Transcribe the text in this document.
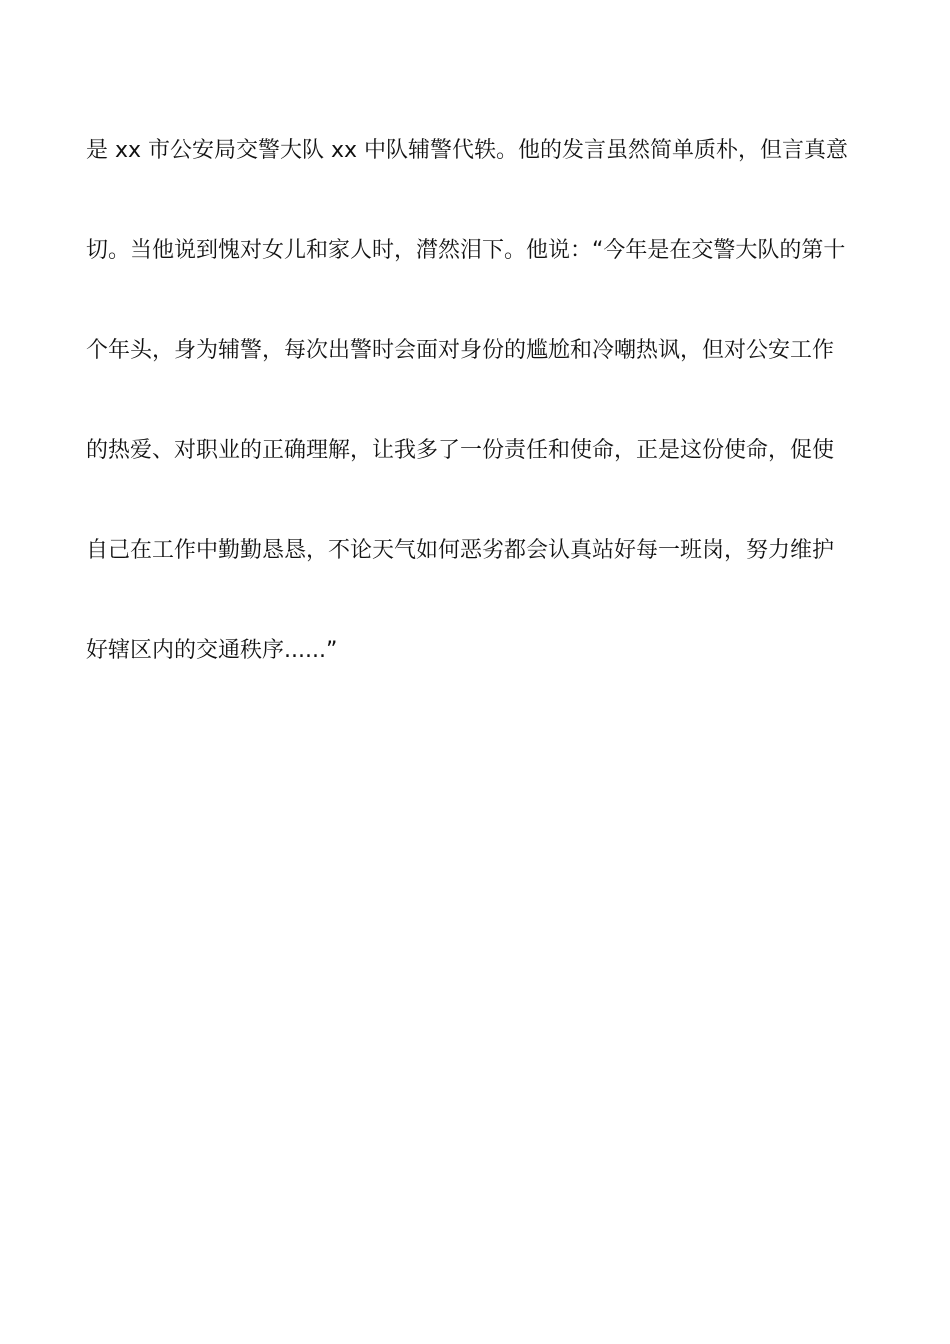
是 xx 市公安局交警大队 xx 中队辅警代轶。他的发言虽然简单质朴，但言真意
切。当他说到愧对女儿和家人时，潸然泪下。他说：“今年是在交警大队的第十
个年头，身为辅警，每次出警时会面对身份的尴尬和冷嘲热讽，但对公安工作
的热爱、对职业的正确理解，让我多了一份责任和使命，正是这份使命，促使
自己在工作中勤勤恳恳，不论天气如何恶劣都会认真站好每一班岗，努力维护
好辖区内的交通秩序......”
